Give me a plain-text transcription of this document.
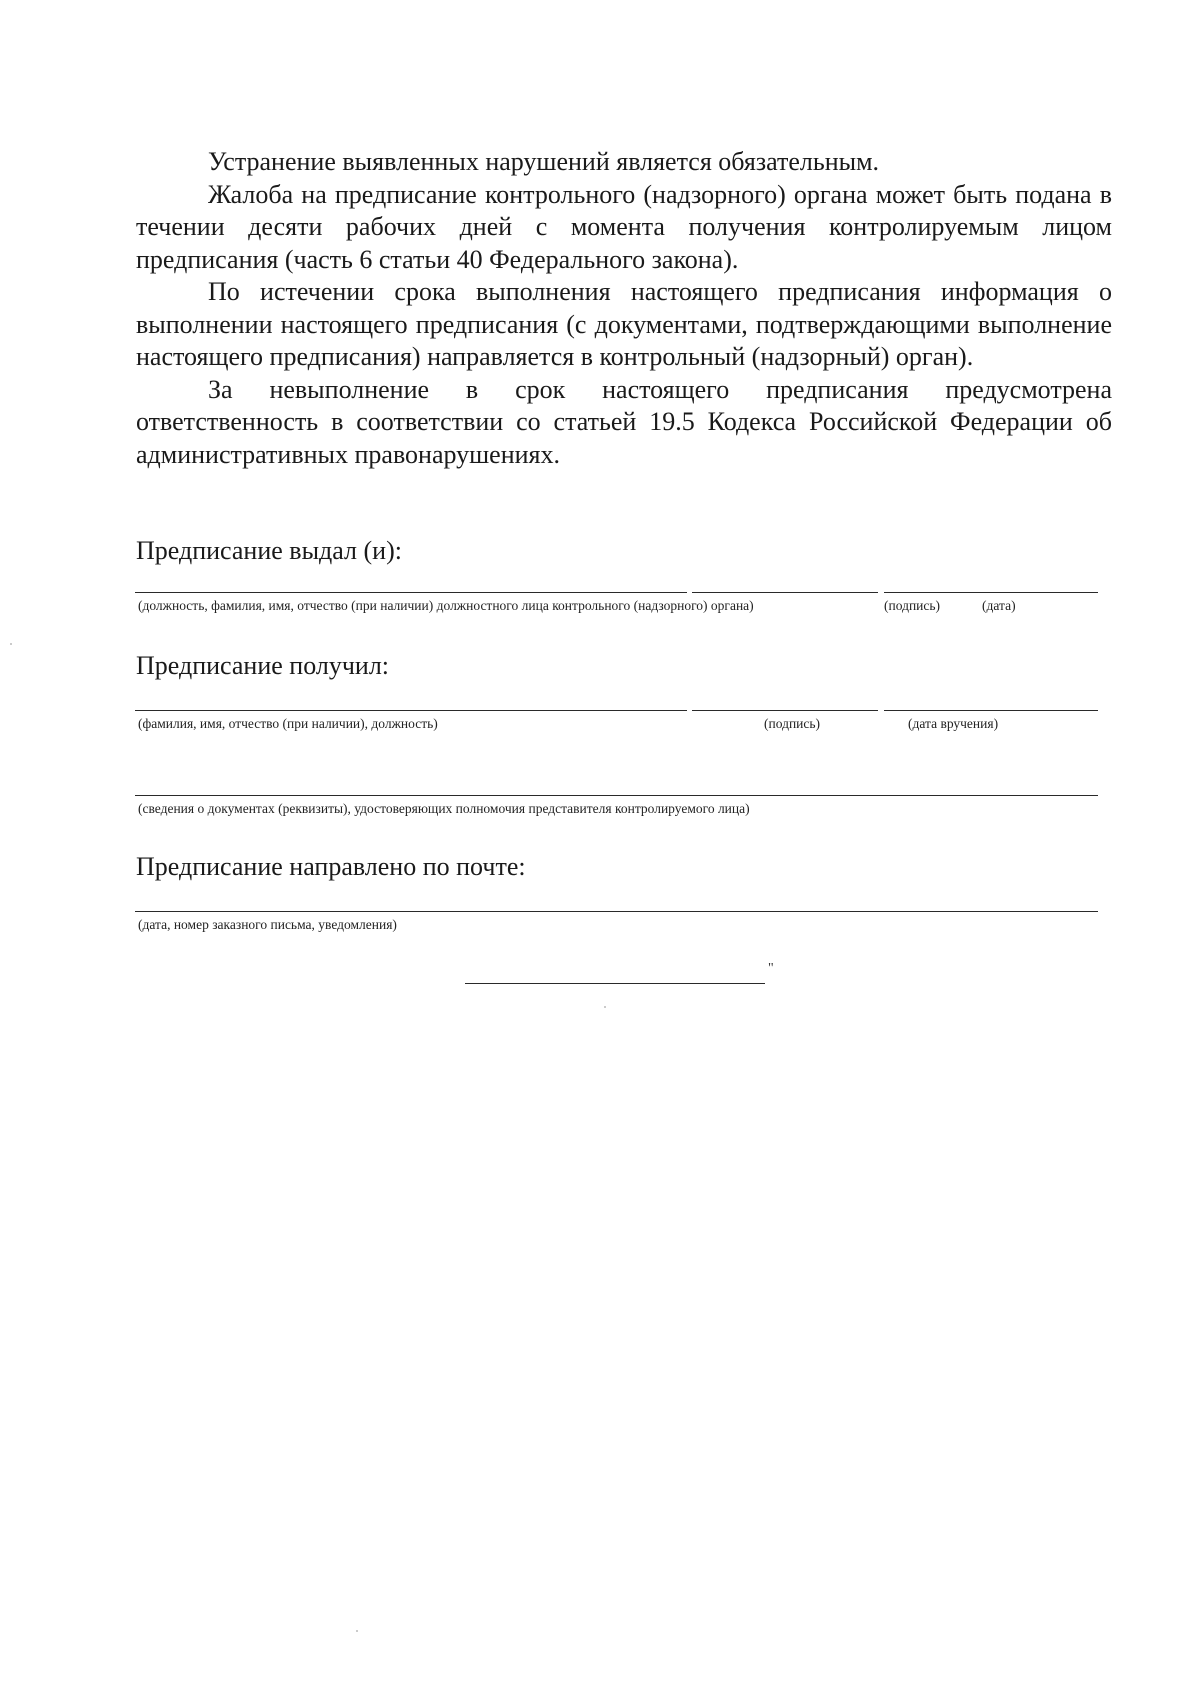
Устранение выявленных нарушений является обязательным.

Жалоба на предписание контрольного (надзорного) органа может быть подана в течении десяти рабочих дней с момента получения контролируемым лицом предписания (часть 6 статьи 40 Федерального закона).

По истечении срока выполнения настоящего предписания информация о выполнении настоящего предписания (с документами, подтверждающими выполнение настоящего предписания) направляется в контрольный (надзорный) орган).

За невыполнение в срок настоящего предписания предусмотрена ответственность в соответствии со статьей 19.5 Кодекса Российской Федерации об административных правонарушениях.

Предписание выдал (и):
(должность, фамилия, имя, отчество (при наличии) должностного лица контрольного (надзорного) органа)	(подпись)	(дата)
Предписание получил:
(фамилия, имя, отчество (при наличии), должность)	(подпись)	(дата вручения)
(сведения о документах (реквизиты), удостоверяющих полномочия представителя контролируемого лица)
Предписание направлено по почте:
(дата, номер заказного письма, уведомления)
"
